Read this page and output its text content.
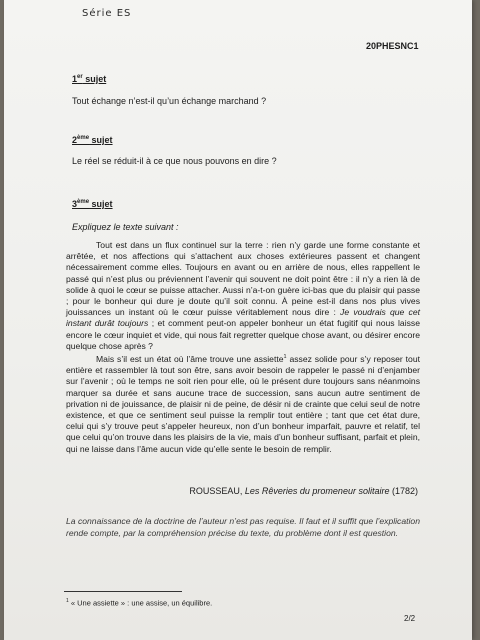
Série ES
20PHESNC1
1er sujet
Tout échange n’est-il qu’un échange marchand ?
2ème sujet
Le réel se réduit-il à ce que nous pouvons en dire ?
3ème sujet
Expliquez le texte suivant :

Tout est dans un flux continuel sur la terre : rien n’y garde une forme constante et arrêtée, et nos affections qui s’attachent aux choses extérieures passent et changent nécessairement comme elles. Toujours en avant ou en arrière de nous, elles rappellent le passé qui n’est plus ou préviennent l’avenir qui souvent ne doit point être : il n’y a rien là de solide à quoi le cœur se puisse attacher. Aussi n’a-t-on guère ici-bas que du plaisir qui passe ; pour le bonheur qui dure je doute qu’il soit connu. À peine est-il dans nos plus vives jouissances un instant où le cœur puisse véritablement nous dire : Je voudrais que cet instant durât toujours ; et comment peut-on appeler bonheur un état fugitif qui nous laisse encore le cœur inquiet et vide, qui nous fait regretter quelque chose avant, ou désirer encore quelque chose après ?

Mais s’il est un état où l’âme trouve une assiette$^1$ assez solide pour s’y reposer tout entière et rassembler là tout son être, sans avoir besoin de rappeler le passé ni d’enjamber sur l’avenir ; où le temps ne soit rien pour elle, où le présent dure toujours sans néanmoins marquer sa durée et sans aucune trace de succession, sans aucun autre sentiment de privation ni de jouissance, de plaisir ni de peine, de désir ni de crainte que celui seul de notre existence, et que ce sentiment seul puisse la remplir tout entière ; tant que cet état dure, celui qui s’y trouve peut s’appeler heureux, non d’un bonheur imparfait, pauvre et relatif, tel que celui qu’on trouve dans les plaisirs de la vie, mais d’un bonheur suffisant, parfait et plein, qui ne laisse dans l’âme aucun vide qu’elle sente le besoin de remplir.

ROUSSEAU, Les Rêveries du promeneur solitaire (1782)
La connaissance de la doctrine de l’auteur n’est pas requise. Il faut et il suffit que l’explication rende compte, par la compréhension précise du texte, du problème dont il est question.
$^1$ « Une assiette » : une assise, un équilibre.
2/2
